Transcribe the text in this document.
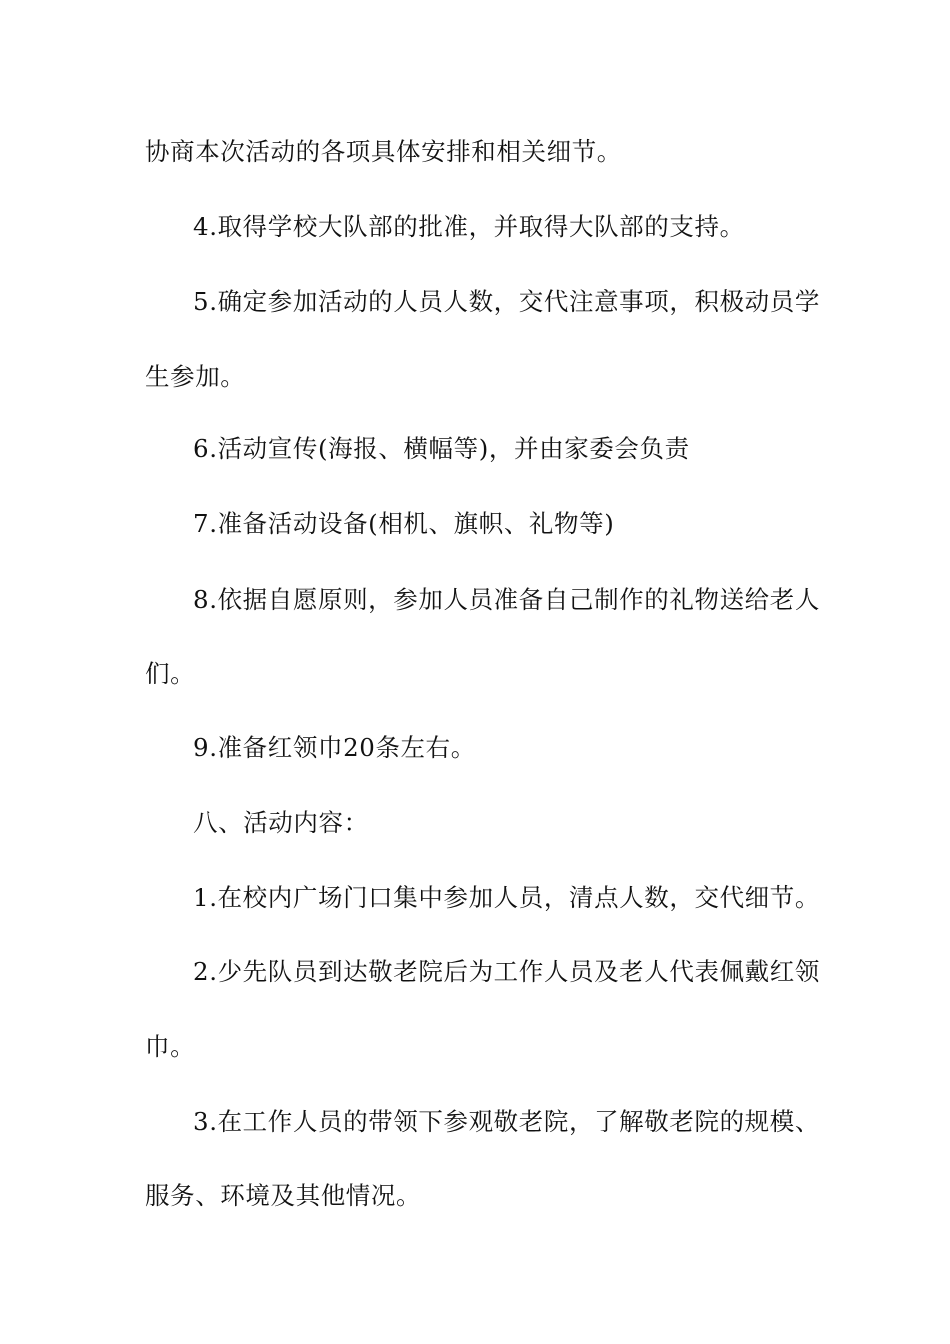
协商本次活动的各项具体安排和相关细节。
4.取得学校大队部的批准，并取得大队部的支持。
5.确定参加活动的人员人数，交代注意事项，积极动员学
生参加。
6.活动宣传(海报、横幅等)，并由家委会负责
7.准备活动设备(相机、旗帜、礼物等)
8.依据自愿原则，参加人员准备自己制作的礼物送给老人
们。
9.准备红领巾20条左右。
八、活动内容：
1.在校内广场门口集中参加人员，清点人数，交代细节。
2.少先队员到达敬老院后为工作人员及老人代表佩戴红领
巾。
3.在工作人员的带领下参观敬老院，了解敬老院的规模、
服务、环境及其他情况。
